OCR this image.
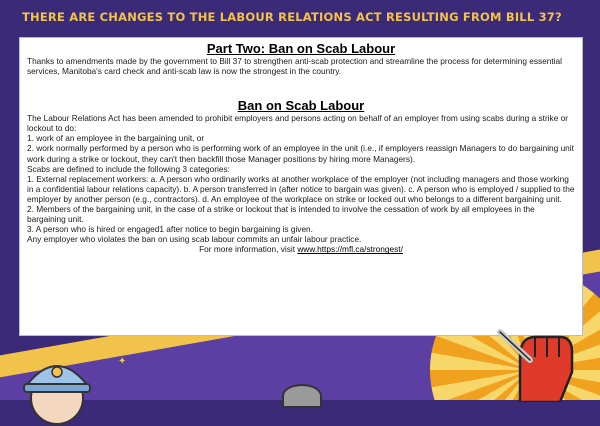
THERE ARE CHANGES TO THE LABOUR RELATIONS ACT RESULTING FROM BILL 37?
Part Two: Ban on Scab Labour

Thanks to amendments made by the government to Bill 37 to strengthen anti-scab protection and streamline the process for determining essential services, Manitoba's card check and anti-scab law is now the strongest in the country.

Ban on Scab Labour

The Labour Relations Act has been amended to prohibit employers and persons acting on behalf of an employer from using scabs during a strike or lockout to do:

1. work of an employee in the bargaining unit, or

2. work normally performed by a person who is performing work of an employee in the unit (i.e., if employers reassign Managers to do bargaining unit work during a strike or lockout, they can't then backfill those Manager positions by hiring more Managers).

Scabs are defined to include the following 3 categories:

1. External replacement workers: a. A person who ordinarily works at another workplace of the employer (not including managers and those working in a confidential labour relations capacity). b. A person transferred in (after notice to bargain was given). c. A person who is employed / supplied to the employer by another person (e.g., contractors). d. An employee of the workplace on strike or locked out who belongs to a different bargaining unit.

2. Members of the bargaining unit, in the case of a strike or lockout that is intended to involve the cessation of work by all employees in the bargaining unit.

3. A person who is hired or engaged1 after notice to begin bargaining is given.

Any employer who violates the ban on using scab labour commits an unfair labour practice.

For more information, visit www.https://mfl.ca/strongest/

✦ ✦
